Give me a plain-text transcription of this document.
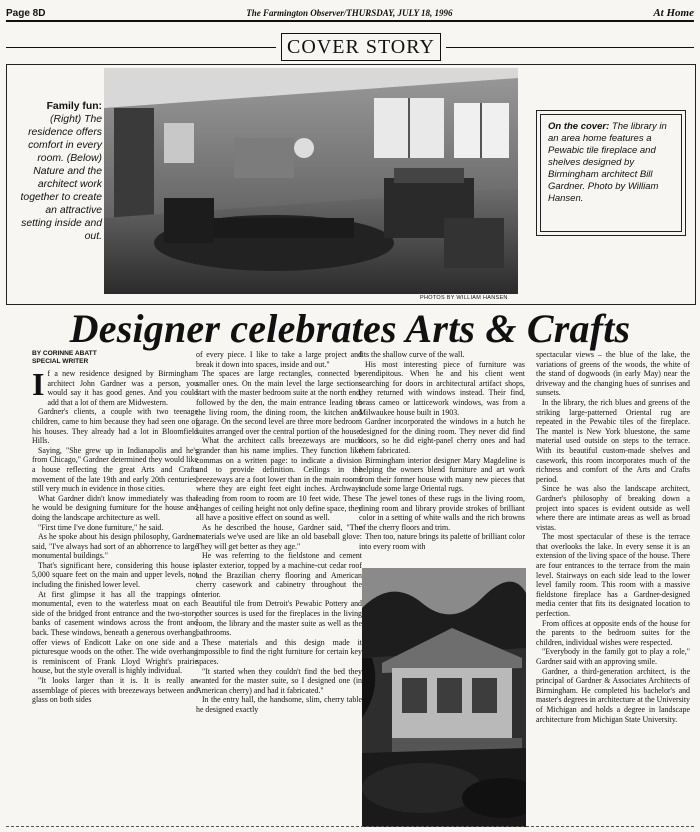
Page 8D	The Farmington Observer/THURSDAY, JULY 18, 1996	At Home
COVER STORY
Family fun: (Right) The residence offers comfort in every room. (Below) Nature and the architect work together to create an attractive setting inside and out.
PHOTOS BY WILLIAM HANSEN
On the cover: The library in an area home features a Pewabic tile fireplace and shelves designed by Birmingham architect Bill Gardner. Photo by William Hansen.
Designer celebrates Arts & Crafts
BY CORINNE ABATT
SPECIAL WRITER

If a new residence designed by Birmingham architect John Gardner was a person, you would say it has good genes. And you could add that a lot of them are Midwestern.

Gardner's clients, a couple with two teenage children, came to him because they had seen one of his houses. They already had a lot in Bloomfield Hills.

Saying, "She grew up in Indianapolis and he's from Chicago," Gardner determined they would like a house reflecting the great Arts and Crafts movement of the late 19th and early 20th centuries, still very much in evidence in those cities.

What Gardner didn't know immediately was that he would be designing furniture for the house and doing the landscape architecture as well.

"First time I've done furniture," he said.

As he spoke about his design philosophy, Gardner said, "I've always had sort of an abhorrence to large monumental buildings."

That's significant here, considering this house is 5,000 square feet on the main and upper levels, not including the finished lower level.

At first glimpse it has all the trappings of monumental, even to the waterless moat on each side of the bridged front entrance and the two-story banks of casement windows across the front and back. These windows, beneath a generous overhang, offer views of Endicott Lake on one side and a picturesque woods on the other. The wide overhang is reminiscent of Frank Lloyd Wright's prairie house, but the style overall is highly individual.

"It looks larger than it is. It is really an assemblage of pieces with breezeways between and glass on both sides

of every piece. I like to take a large project and break it down into spaces, inside and out."

The spaces are large rectangles, connected by smaller ones. On the main level the large sections start with the master bedroom suite at the north end, followed by the den, the main entrance leading to the living room, the dining room, the kitchen and garage. On the second level are three more bedroom suites arranged over the central portion of the house.

What the architect calls breezeways are much grander than his name implies. They function like commas on a written page: to indicate a division and to provide definition. Ceilings in the breezeways are a foot lower than in the main rooms where they are eight feet eight inches. Archways leading from room to room are 10 feet wide. These changes of ceiling height not only define space, they all have a positive effect on sound as well.

As he described the house, Gardner said, "The materials we've used are like an old baseball glove: They will get better as they age."

He was referring to the fieldstone and cement plaster exterior, topped by a machine-cut cedar roof and the Brazilian cherry flooring and American cherry casework and cabinetry throughout the interior.

Beautiful tile from Detroit's Pewabic Pottery and other sources is used for the fireplaces in the living room, the library and the master suite as well as the bathrooms.

These materials and this design made it impossible to find the right furniture for certain key spaces.

"It started when they couldn't find the bed they wanted for the master suite, so I designed one (in American cherry) and had it fabricated."

In the entry hall, the handsome, slim, cherry table he designed exactly

fits the shallow curve of the wall.

His most interesting piece of furniture was serendipitous. When he and his client went searching for doors in architectural artifact shops, they returned with windows instead. Their find, brass cameo or latticework windows, was from a Milwaukee house built in 1903.

Gardner incorporated the windows in a hutch he designed for the dining room. They never did find doors, so he did eight-panel cherry ones and had them fabricated.

Birmingham interior designer Mary Magdeline is helping the owners blend furniture and art work from their former house with many new pieces that include some large Oriental rugs.

The jewel tones of these rugs in the living room, dining room and library provide strokes of brilliant color in a setting of white walls and the rich browns of the cherry floors and trim.

Then too, nature brings its palette of brilliant color into every room with

spectacular views – the blue of the lake, the variations of greens of the woods, the white of the stand of dogwoods (in early May) near the driveway and the changing hues of sunrises and sunsets.

In the library, the rich blues and greens of the striking large-patterned Oriental rug are repeated in the Pewabic tiles of the fireplace. The mantel is New York bluestone, the same material used outside on steps to the terrace. With its beautiful custom-made shelves and casework, this room incorporates much of the richness and comfort of the Arts and Crafts period.

Since he was also the landscape architect, Gardner's philosophy of breaking down a project into spaces is evident outside as well where there are intimate areas as well as broad vistas.

The most spectacular of these is the terrace that overlooks the lake. In every sense it is an extension of the living space of the house. There are four entrances to the terrace from the main level. Stairways on each side lead to the lower level family room. This room with a massive fieldstone fireplace has a Gardner-designed media center that fits its designated location to perfection.

From offices at opposite ends of the house for the parents to the bedroom suites for the children, individual wishes were respected.

"Everybody in the family got to play a role," Gardner said with an approving smile.

Gardner, a third-generation architect, is the principal of Gardner & Associates Architects of Birmingham. He completed his bachelor's and master's degrees in architecture at the University of Michigan and holds a degree in landscape architecture from Michigan State University.
